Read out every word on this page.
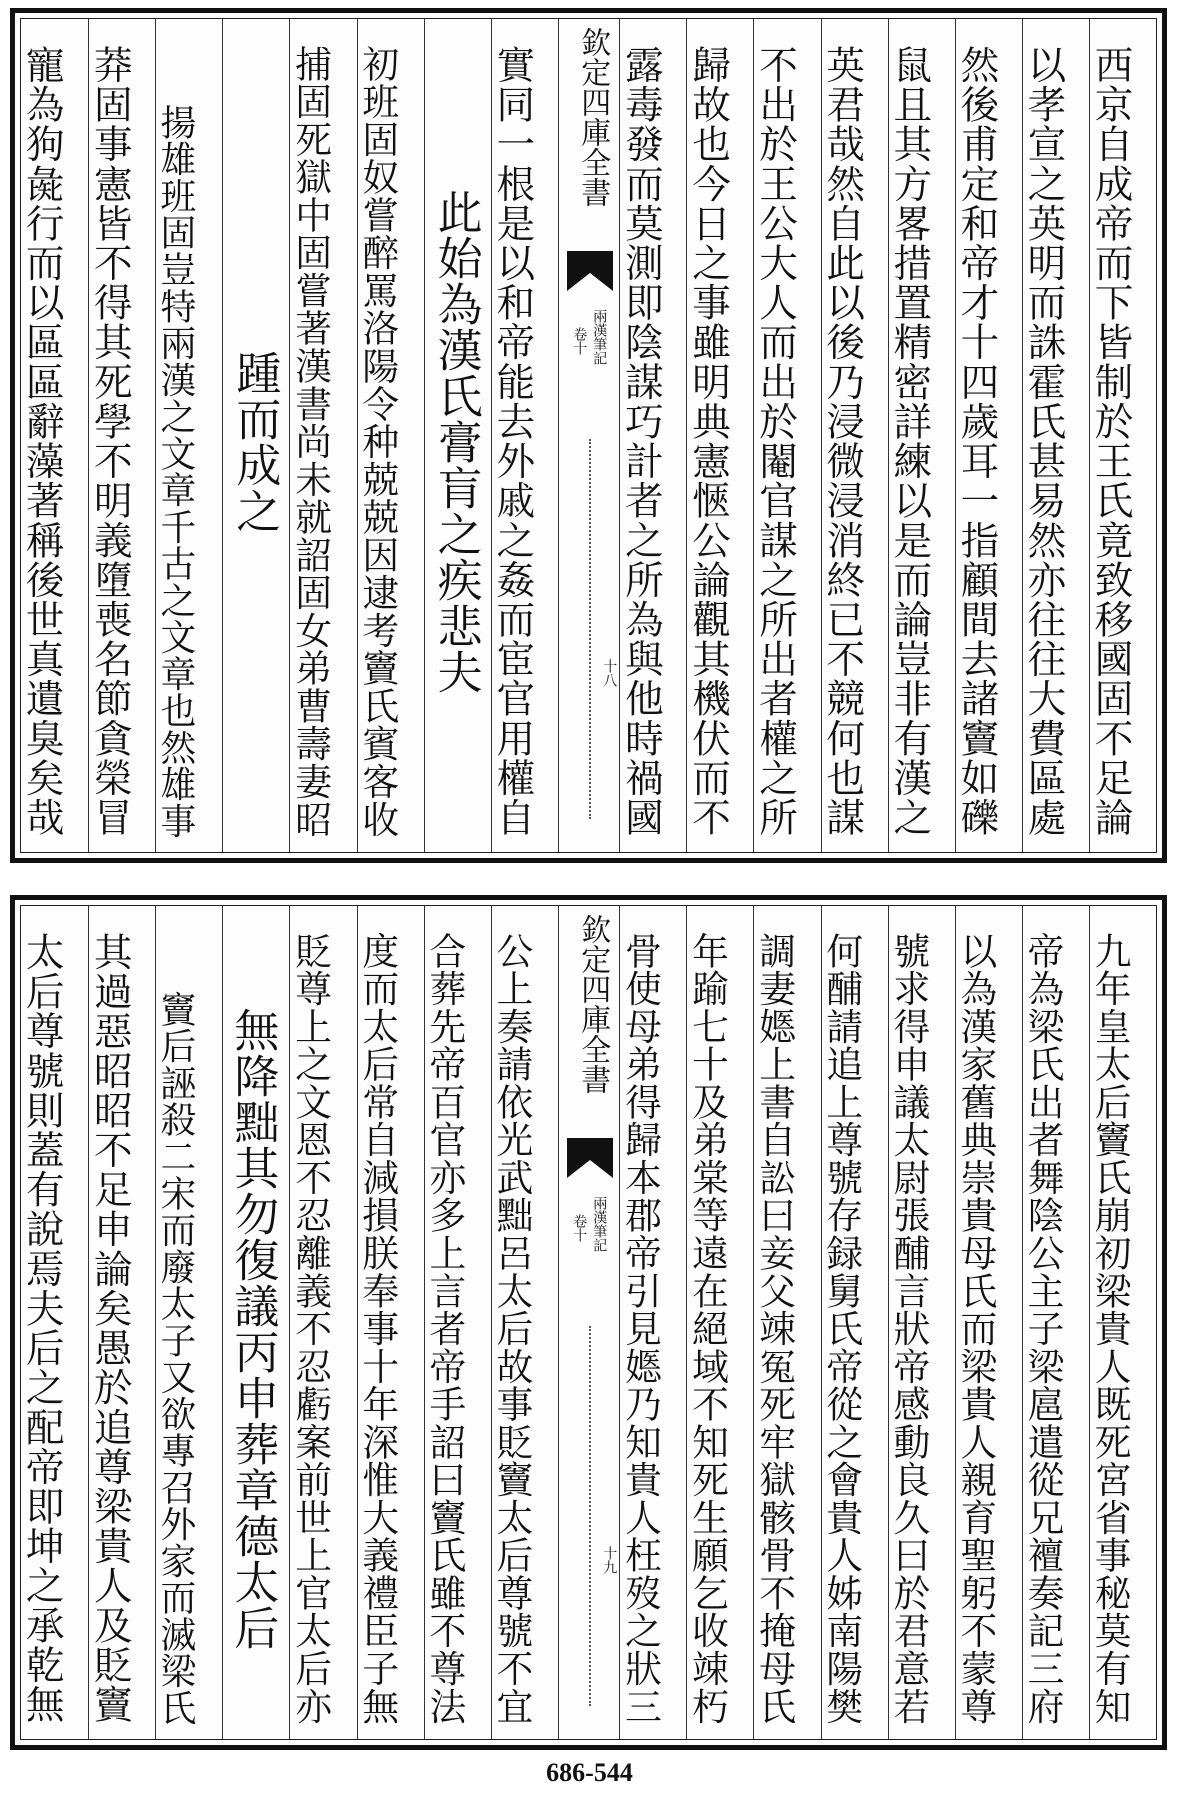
西京自成帝而下皆制於王氏竟致移國固不足論
以孝宣之英明而誅霍氏甚易然亦往往大費區處
然後甫定和帝才十四歲耳一指顧間去諸竇如礫
鼠且其方畧措置精密詳練以是而論豈非有漢之
英君哉然自此以後乃浸微浸消終已不競何也謀
不出於王公大人而出於閹官謀之所出者權之所
歸故也今日之事雖明典憲愜公論觀其機伏而不
露毒發而莫測即陰謀巧計者之所為與他時禍國
欽定四庫全書
兩漢筆記
卷十
十八
實同一根是以和帝能去外戚之姦而宦官用權自
此始為漢氏膏肓之疾悲夫
初班固奴嘗醉罵洛陽令种兢兢因逮考竇氏賓客收
捕固死獄中固嘗著漢書尚未就詔固女弟曹壽妻昭
踵而成之
揚雄班固豈特兩漢之文章千古之文章也然雄事
莽固事憲皆不得其死學不明義墮喪名節貪榮冒
寵為狗彘行而以區區辭藻著稱後世真遺臭矣哉
九年皇太后竇氏崩初梁貴人既死宮省事秘莫有知
帝為梁氏出者舞陰公主子梁扈遣從兄襢奏記三府
以為漢家舊典崇貴母氏而梁貴人親育聖躬不蒙尊
號求得申議太尉張酺言狀帝感動良久曰於君意若
何酺請追上尊號存録舅氏帝從之會貴人姊南陽樊
調妻嫕上書自訟曰妾父竦冤死牢獄骸骨不掩母氏
年踰七十及弟棠等遠在絕域不知死生願乞收竦朽
骨使母弟得歸本郡帝引見嫕乃知貴人枉歿之狀三
欽定四庫全書
兩漢筆記
卷十
十九
公上奏請依光武黜呂太后故事貶竇太后尊號不宜
合葬先帝百官亦多上言者帝手詔曰竇氏雖不尊法
度而太后常自減損朕奉事十年深惟大義禮臣子無
貶尊上之文恩不忍離義不忍虧案前世上官太后亦
無降黜其勿復議丙申葬章德太后
竇后誣殺二宋而廢太子又欲專召外家而滅梁氏
其過惡昭昭不足申論矣愚於追尊梁貴人及貶竇
太后尊號則蓋有說焉夫后之配帝即坤之承乾無
686-544
